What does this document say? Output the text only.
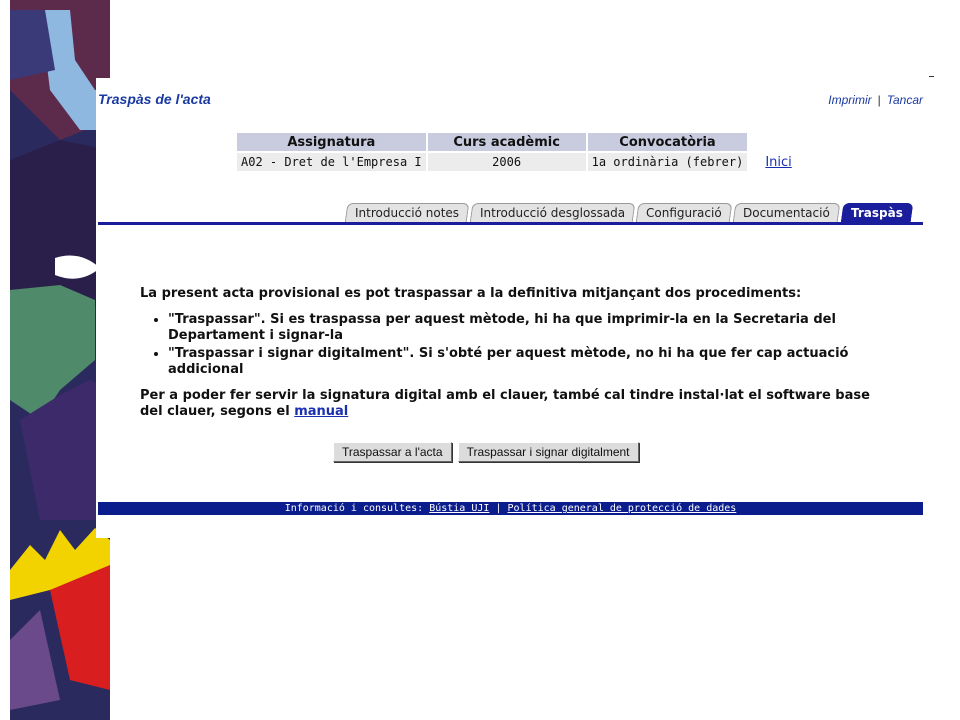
Traspàs de l'acta	Imprimir | Tancar
Assignatura	Curs acadèmic	Convocatòria	
A02 - Dret de l'Empresa I	2006	1a ordinària (febrer)	Inici
Introducció notes	Introducció desglossada	Configuració	Documentació	Traspàs

La present acta provisional es pot traspassar a la definitiva mitjançant dos procediments:

• "Traspassar". Si es traspassa per aquest mètode, hi ha que imprimir-la en la Secretaria del Departament i signar-la
• "Traspassar i signar digitalment". Si s'obté per aquest mètode, no hi ha que fer cap actuació addicional

Per a poder fer servir la signatura digital amb el clauer, també cal tindre instal·lat el software base del clauer, segons el manual

Traspassar a l'acta	Traspassar i signar digitalment
Informació i consultes: Bústia UJI | Política general de protecció de dades
